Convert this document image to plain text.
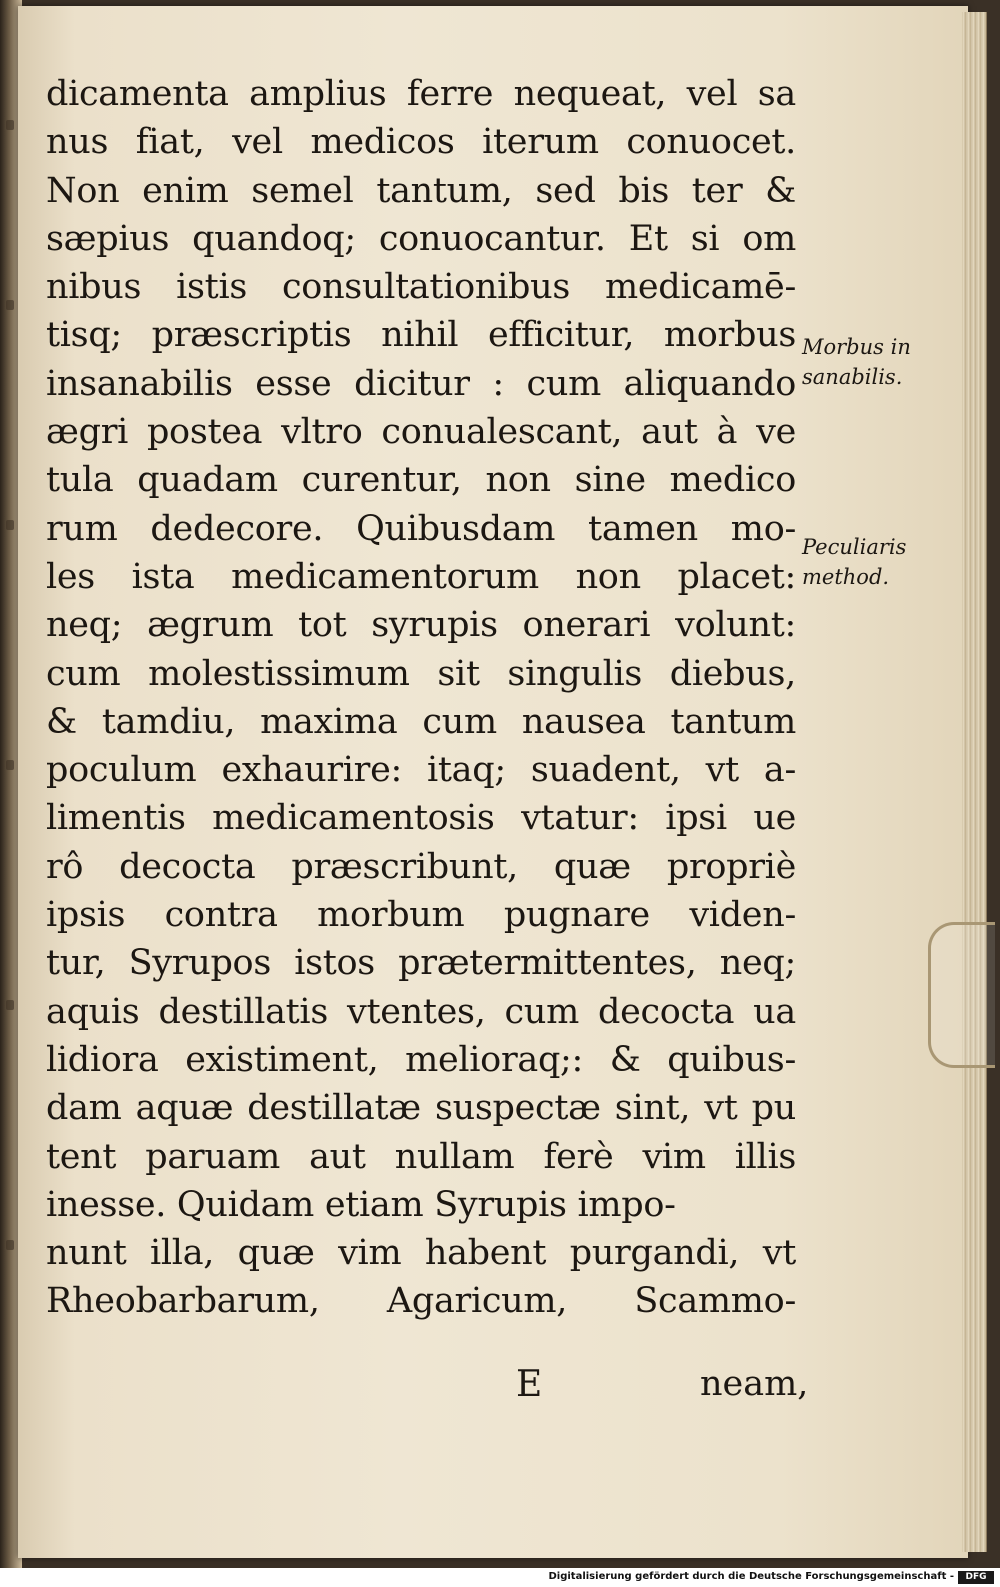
dicamenta amplius ferre nequeat, vel sa
nus fiat, vel medicos iterum conuocet.
Non enim semel tantum, sed bis ter &
sæpius quandoq; conuocantur. Et si om
nibus istis consultationibus medicamē-
tisq; præscriptis nihil efficitur, morbus
insanabilis esse dicitur : cum aliquando
ægri postea vltro conualescant, aut à ve
tula quadam curentur, non sine medico
rum dedecore. Quibusdam tamen mo-
les ista medicamentorum non placet:
neq; ægrum tot syrupis onerari volunt:
cum molestissimum sit singulis diebus,
& tamdiu, maxima cum nausea tantum
poculum exhaurire: itaq; suadent, vt a-
limentis medicamentosis vtatur: ipsi ue
rô decocta præscribunt, quæ propriè
ipsis contra morbum pugnare viden-
tur, Syrupos istos prætermittentes, neq;
aquis destillatis vtentes, cum decocta ua
lidiora existiment, melioraq;: & quibus-
dam aquæ destillatæ suspectæ sint, vt pu
tent paruam aut nullam ferè vim illis
inesse. Quidam etiam Syrupis impo-
nunt illa, quæ vim habent purgandi, vt
Rheobarbarum, Agaricum, Scammo-
E	neam,
Morbus in
sanabilis.
Peculiaris
method.
Digitalisierung gefördert durch die Deutsche Forschungsgemeinschaft -	DFG
